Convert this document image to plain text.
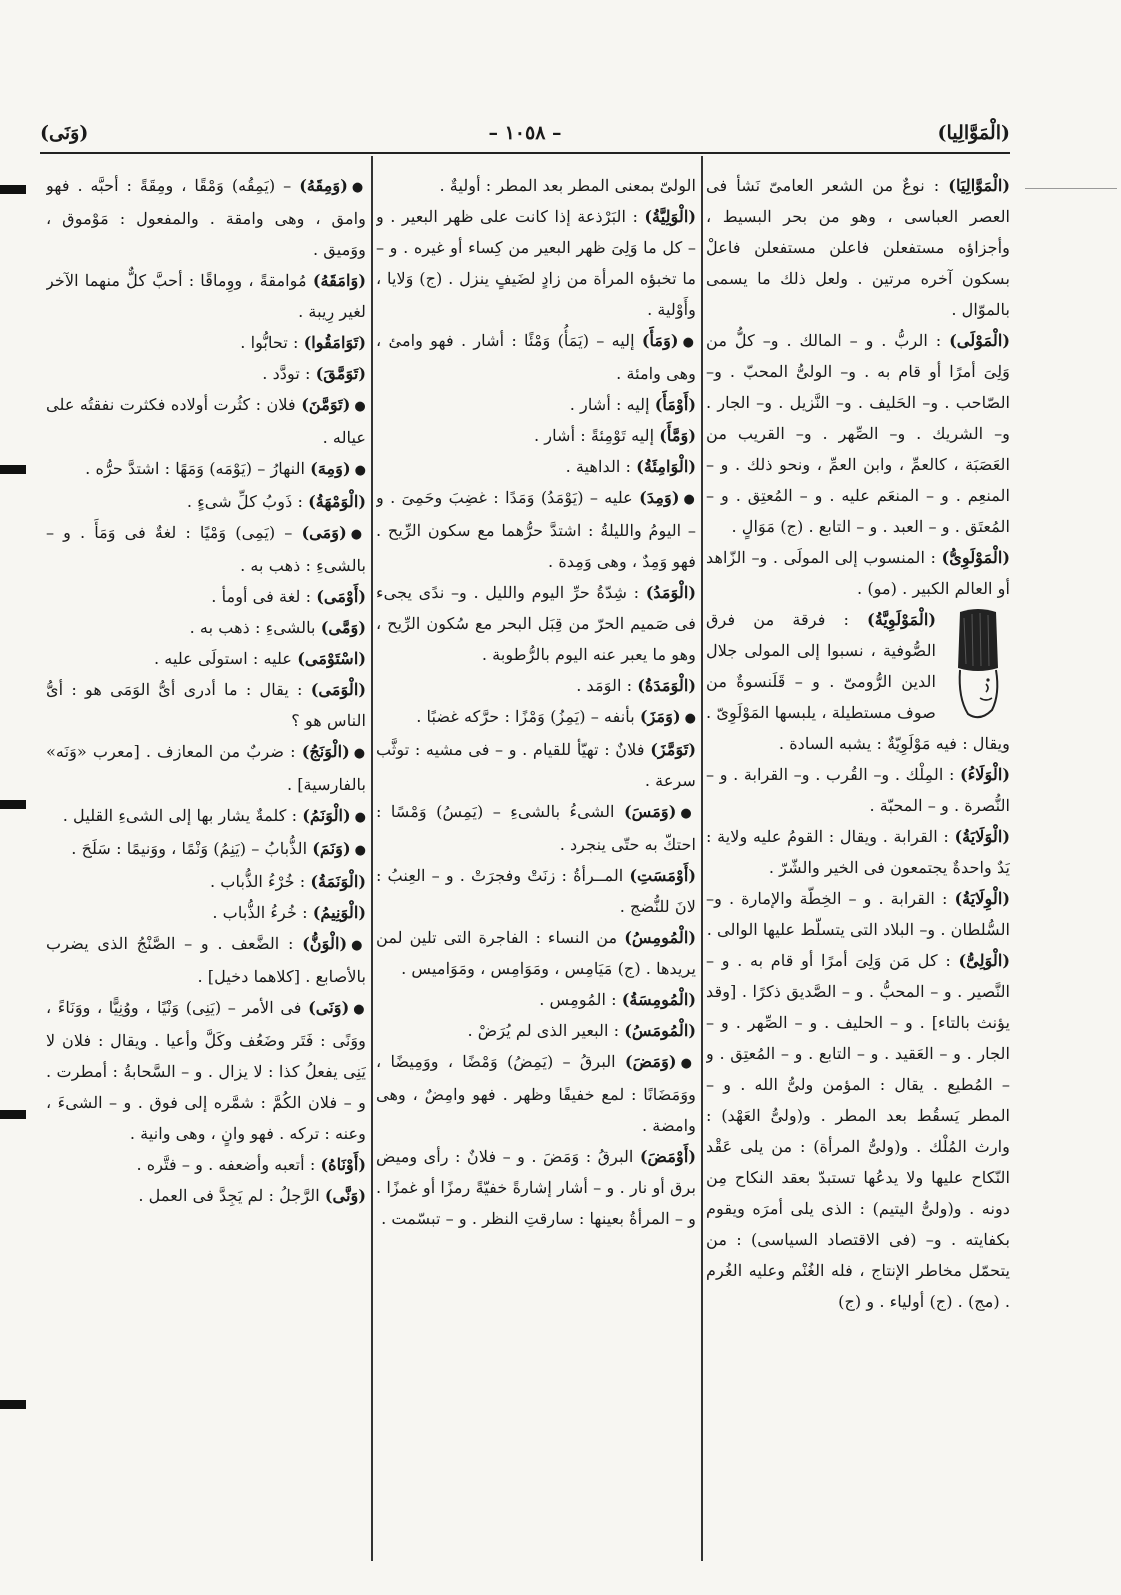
(وَنَى)	– ١٠٥٨ –	(الْمَوَّالِيا)

(الْمَوَّالِيَا) : نوعٌ من الشعر العامىّ نَشأ فى العصر العباسى ، وهو من بحر البسيط ، وأجزاؤه مستفعلن فاعلن مستفعلن فاعلْ بسكون آخره مرتين . ولعل ذلك ما يسمى بالموّال .

(الْمَوْلَى) : الربُّ . و – المالك . و– كلُّ من وَلِىَ أمرًا أو قام به . و– الولىُّ المحبّ . و– الصّاحب . و– الحَليف . و– النَّزيل . و– الجار . و– الشريك . و– الصِّهر . و– القريب من العَصَبَة ، كالعمِّ ، وابن العمِّ ، ونحو ذلك . و – المنعِم . و – المنعَم عليه . و – المُعتِق . و – المُعتَق . و – العبد . و – التابع . (ج) مَوَالٍ .

(الْمَوْلَوِىُّ) : المنسوب إلى المولَى . و– الزّاهد أو العالم الكبير . (مو) .

(الْمَوْلَوِيَّةُ) : فرقة من فرق الصُّوفية ، نسبوا إلى المولى جلال الدين الرُّومىّ . و – قَلَنسوةٌ من صوف مستطيلة ، يلبسها المَوْلَوِىّ . ويقال : فيه مَوْلَوِيّةٌ : يشبه السادة .

(الْوَلَاءُ) : المِلْك . و– القُرب . و– القرابة . و – النُّصرة . و – المحبّة .

(الْوَلَايَةُ) : القرابة . ويقال : القومُ عليه ولاية : يَدٌ واحدةٌ يجتمعون فى الخير والشّرّ .

(الْوِلَايَةُ) : القرابة . و – الخِطّة والإمارة . و– السُّلطان . و– البلاد التى يتسلّط عليها الوالى .

(الْوَلِىُّ) : كل مَن وَلِىَ أمرًا أو قام به . و – النَّصير . و – المحبُّ . و – الصَّديق ذكرًا . [وقد يؤنث بالتاء] . و – الحليف . و – الصِّهر . و – الجار . و – العَقيد . و – التابع . و – المُعتِق . و – المُطيع . يقال : المؤمن ولىُّ الله . و – المطر يَسقُط بعد المطر . و(ولىُّ العَهْد) : وارث المُلْك . و(ولىُّ المرأة) : من يلى عَقْد النّكاح عليها ولا يدعُها تستبدّ بعقد النكاح مِن دونه . و(ولىُّ اليتيم) : الذى يلى أمرَه ويقوم بكفايته . و– (فى الاقتصاد السياسى) : من يتحمّل مخاطر الإنتاج ، فله الغُنْم وعليه الغُرم . (مج) . (ج) أولياء . و (ج)

الولىّ بمعنى المطر بعد المطر : أوليةٌ .

(الْوَلِيَّةُ) : البَرْذعة إذا كانت على ظهر البعير . و – كل ما وَلِىَ ظهر البعير من كِساء أو غيره . و – ما تخبؤه المرأة من زادٍ لضَيفٍ ينزل . (ج) وَلايا ، وأَوْلية .

●(وَمَأَ) إليه – (يَمَأُ) وَمْئًا : أشار . فهو وامئ ، وهى وامئة .

(أَوْمَأَ) إليه : أشار .

(وَمَّأَ) إليه تَوْمِئةً : أشار .

(الْوَامِئَةُ) : الداهية .

●(وَمِدَ) عليه – (يَوْمَدُ) وَمَدًا : غضِبَ وحَمِىَ . و – اليومُ والليلةُ : اشتدَّ حرُّهما مع سكون الرِّيح . فهو وَمِدٌ ، وهى وَمِدة .

(الْوَمَدُ) : شِدّةُ حرِّ اليوم والليل . و– ندًى يجىء فى صَميم الحرّ من قِبَل البحر مع سُكون الرِّيح ، وهو ما يعبر عنه اليوم بالرُّطوبة .

(الْوَمَدَةُ) : الوَمَد .

●(وَمَزَ) بأنفه – (يَمِزُ) وَمْزًا : حرَّكه غضبًا .

(تَوَمَّزَ) فلانٌ : تهيّأ للقيام . و – فى مشيه : توثَّب سرعة .

●(وَمَسَ) الشىءُ بالشىءِ – (يَمِسُ) وَمْسًا : احتكّ به حتّى ينجرد .

(أَوْمَسَتِ) المــرأةُ : زنَتْ وفجرَتْ . و – العِنبُ : لانَ للنُّضج .

(الْمُومِسُ) من النساء : الفاجرة التى تلين لمن يريدها . (ج) مَيَامِس ، ومَوَامِس ، ومَوَاميس .

(الْمُومِسَةُ) : المُومِس .

(الْمُومَسُ) : البعير الذى لم يُرَضْ .

●(وَمَضَ) البرقُ – (يَمِضُ) وَمْضًا ، ووَمِيضًا ، ووَمَضَانًا : لمع خفيفًا وظهر . فهو وامِضٌ ، وهى وامضة .

(أَوْمَضَ) البرقُ : وَمَضَ . و – فلانٌ : رأى وميض برق أو نار . و – أشار إشارةً خفيّةً رمزًا أو غمزًا . و – المرأةُ بعينها : سارقتِ النظر . و – تبسّمت .

●(وَمِقَهُ) – (يَمِقُه) وَمْقًا ، ومِقَةً : أحبَّه . فهو وامق ، وهى وامقة . والمفعول : مَوْموق ، ووَميق .

(وَامَقَهُ) مُوامقةً ، ووِماقًا : أحبَّ كلٌّ منهما الآخر لغير رِيبة .

(تَوَامَقُوا) : تحابُّوا .

(تَوَمَّقَ) : تودَّد .

●(تَوَمَّنَ) فلان : كثُرت أولاده فكثرت نفقتُه على عياله .

●(وَمِهَ) النهارُ – (يَوْمَه) وَمَهًا : اشتدَّ حرُّه .

(الْوَمْهَةُ) : ذَوبُ كلِّ شىءٍ .

●(وَمَى) – (يَمِى) وَمْيًا : لغةٌ فى وَمَأَ . و – بالشىءِ : ذهب به .

(أَوْمَى) : لغة فى أومأ .

(وَمَّى) بالشىءِ : ذهب به .

(اسْتَوْمَى) عليه : استولَى عليه .

(الْوَمَى) : يقال : ما أدرى أىُّ الوَمَى هو : أىُّ الناس هو ؟

●(الْوَنَجُ) : ضربٌ من المعازف . [معرب «وَنَه» بالفارسية] .

●(الْوَنَمُ) : كلمةٌ يشار بها إلى الشىءِ القليل .

●(وَنَمَ) الذُّبابُ – (يَنِمُ) وَنْمًا ، ووَنيمًا : سَلَحَ .

(الْوَنَمَةُ) : خُرْءُ الذُّباب .

(الْوَنِيمُ) : خُرءُ الذُّباب .

●(الْوَنُّ) : الضَّعف . و – الصَّنْجُ الذى يضرب بالأصابع . [كلاهما دخيل] .

●(وَنَى) فى الأمر – (يَنِى) وَنْيًا ، ووُنِيًّا ، ووَنَاءً ، ووَنًى : فَتَر وضَعُف وكَلَّ وأعيا . ويقال : فلان لا يَنِى يفعلُ كذا : لا يزال . و – السَّحابةُ : أمطرت . و – فلان الكُمَّ : شمَّره إلى فوق . و – الشىءَ ، وعنه : تركه . فهو وانٍ ، وهى وانية .

(أَوْنَاهُ) : أتعبه وأضعفه . و – فتَّره .

(وَنَّى) الرَّجلُ : لم يَجِدَّ فى العمل .
